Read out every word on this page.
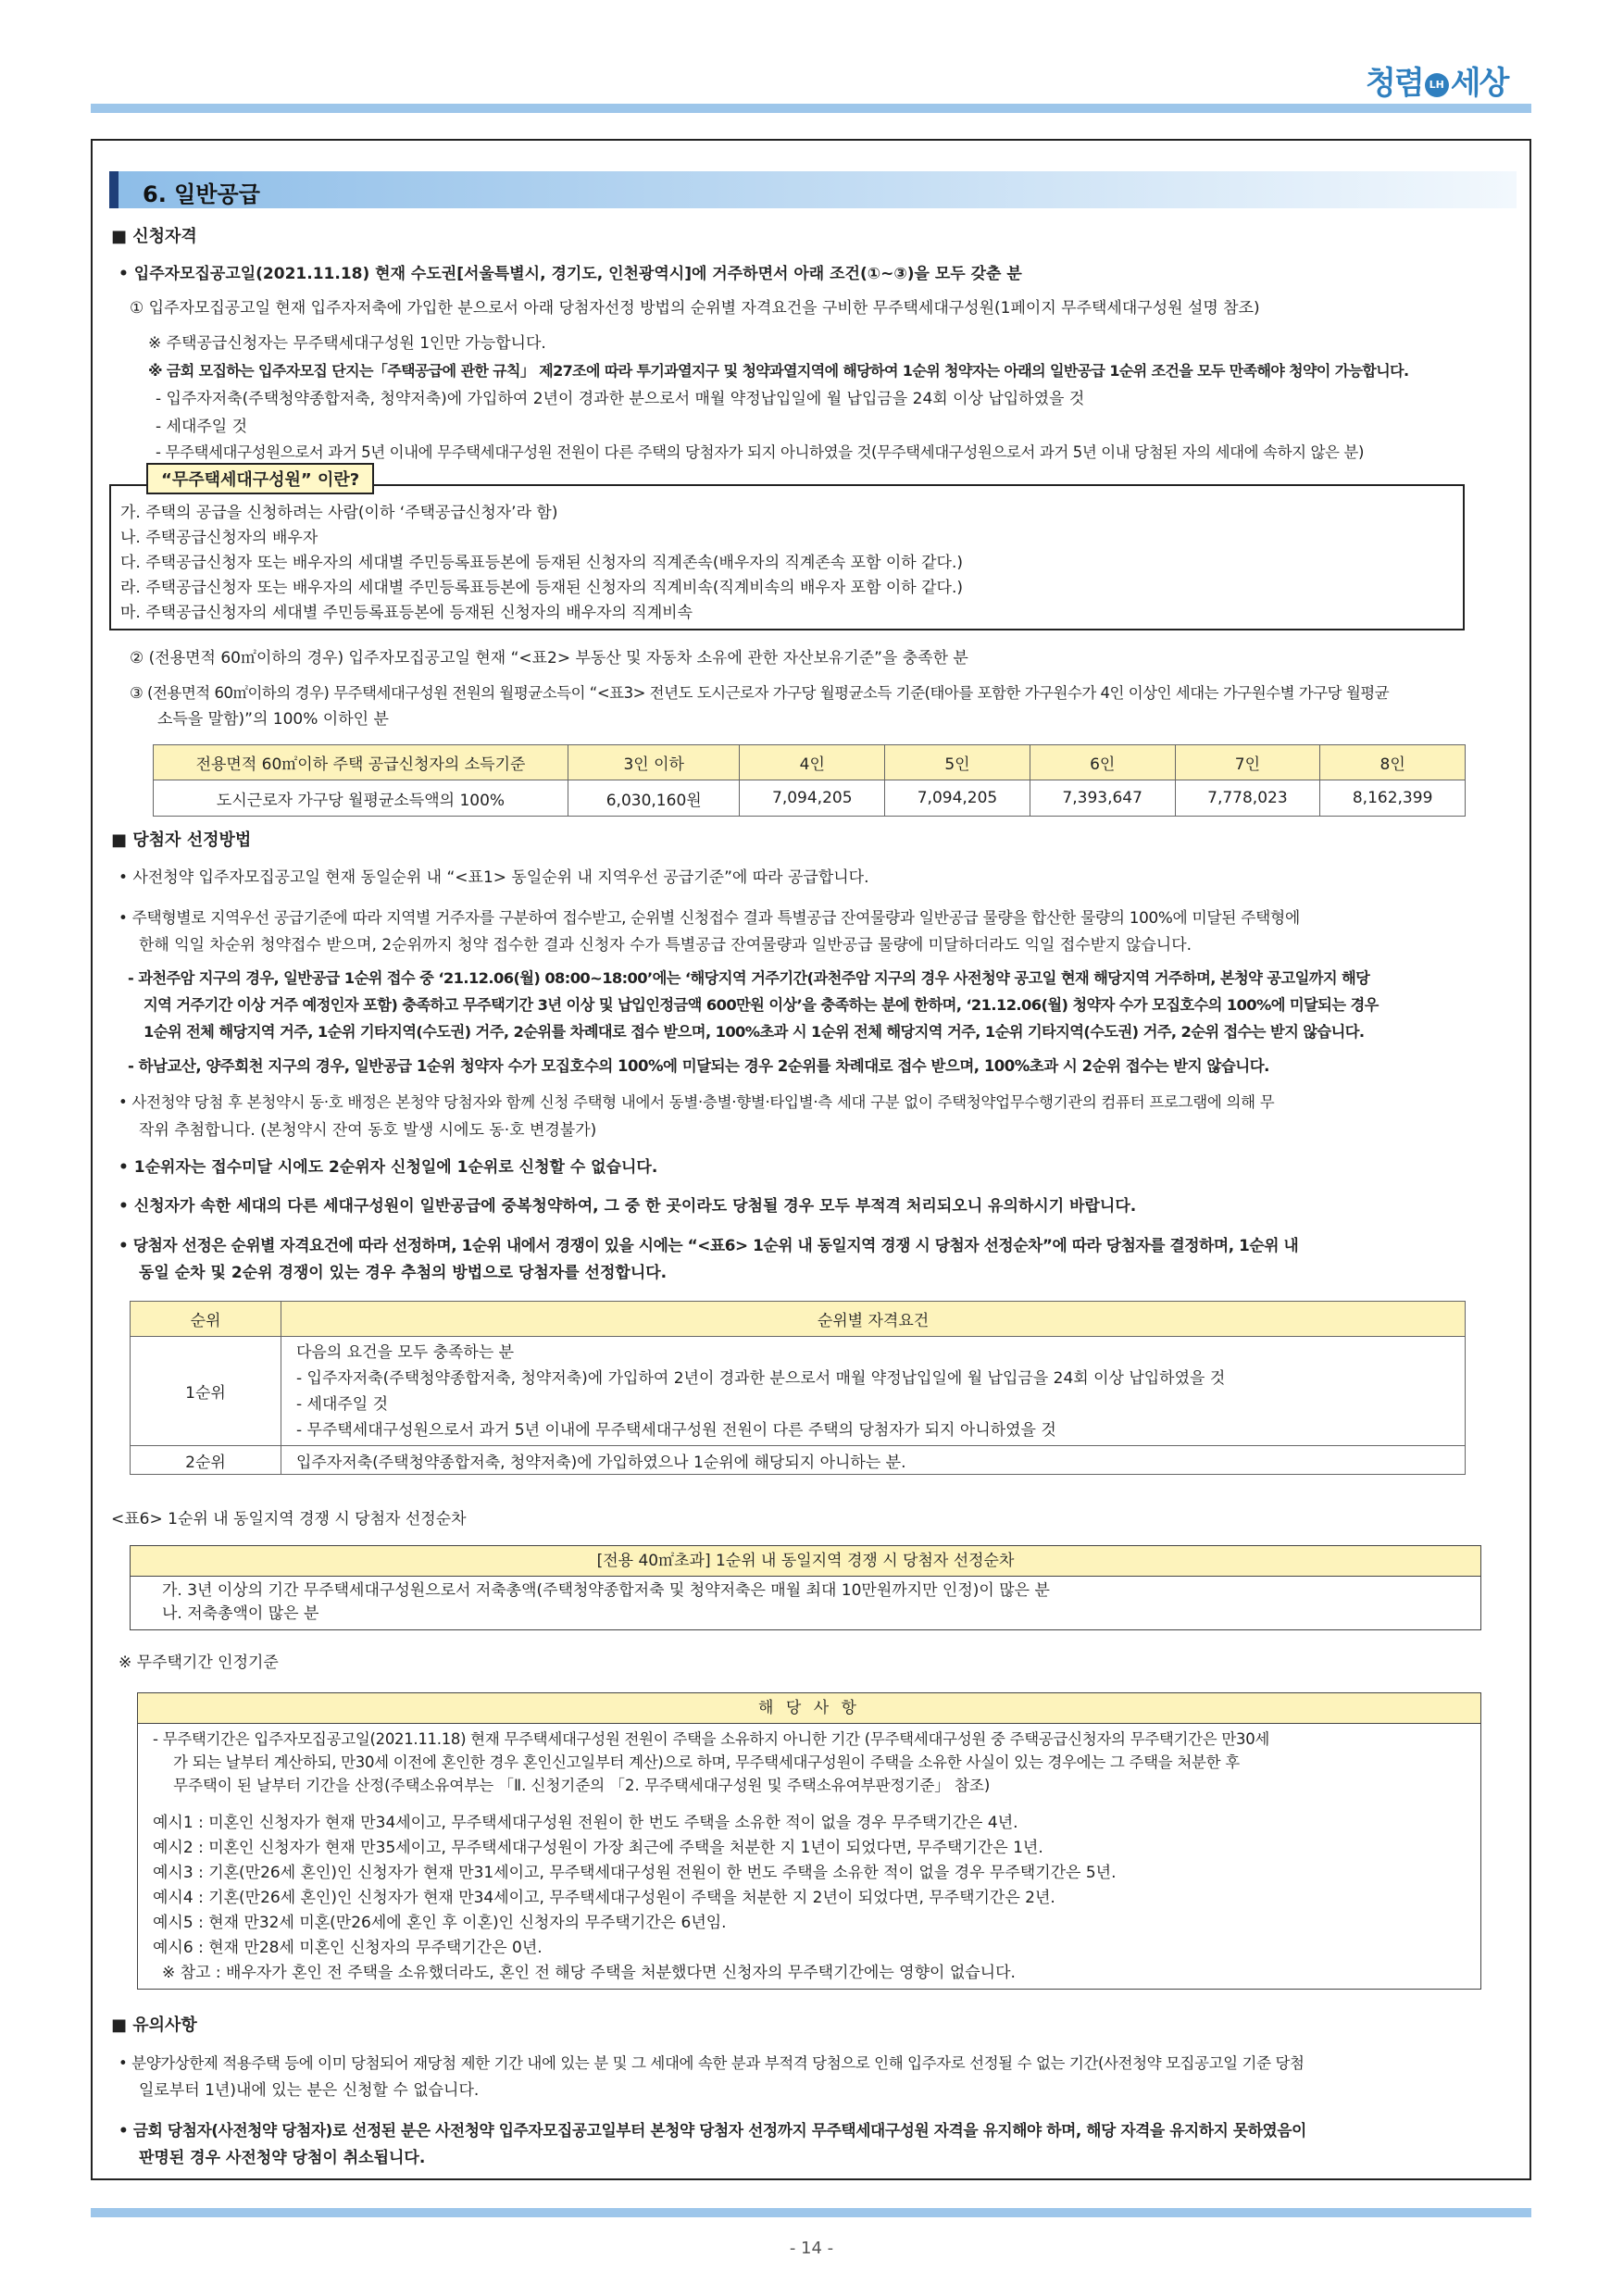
청렴 LH 세상
6. 일반공급
■ 신청자격
• 입주자모집공고일(2021.11.18) 현재 수도권[서울특별시, 경기도, 인천광역시]에 거주하면서 아래 조건(①~③)을 모두 갖춘 분
① 입주자모집공고일 현재 입주자저축에 가입한 분으로서 아래 당첨자선정 방법의 순위별 자격요건을 구비한 무주택세대구성원(1페이지 무주택세대구성원 설명 참조)
※ 주택공급신청자는 무주택세대구성원 1인만 가능합니다.
※ 금회 모집하는 입주자모집 단지는「주택공급에 관한 규칙」 제27조에 따라 투기과열지구 및 청약과열지역에 해당하여 1순위 청약자는 아래의 일반공급 1순위 조건을 모두 만족해야 청약이 가능합니다.
- 입주자저축(주택청약종합저축, 청약저축)에 가입하여 2년이 경과한 분으로서 매월 약정납입일에 월 납입금을 24회 이상 납입하였을 것
- 세대주일 것
- 무주택세대구성원으로서 과거 5년 이내에 무주택세대구성원 전원이 다른 주택의 당첨자가 되지 아니하였을 것(무주택세대구성원으로서 과거 5년 이내 당첨된 자의 세대에 속하지 않은 분)
“무주택세대구성원” 이란?
가. 주택의 공급을 신청하려는 사람(이하 ‘주택공급신청자’라 함)
나. 주택공급신청자의 배우자
다. 주택공급신청자 또는 배우자의 세대별 주민등록표등본에 등재된 신청자의 직계존속(배우자의 직계존속 포함 이하 같다.)
라. 주택공급신청자 또는 배우자의 세대별 주민등록표등본에 등재된 신청자의 직계비속(직계비속의 배우자 포함 이하 같다.)
마. 주택공급신청자의 세대별 주민등록표등본에 등재된 신청자의 배우자의 직계비속
② (전용면적 60㎡이하의 경우) 입주자모집공고일 현재 “<표2> 부동산 및 자동차 소유에 관한 자산보유기준”을 충족한 분
③ (전용면적 60㎡이하의 경우) 무주택세대구성원 전원의 월평균소득이 “<표3> 전년도 도시근로자 가구당 월평균소득 기준(태아를 포함한 가구원수가 4인 이상인 세대는 가구원수별 가구당 월평균
소득을 말함)”의 100% 이하인 분
전용면적 60㎡이하 주택 공급신청자의 소득기준	3인 이하	4인	5인	6인	7인	8인
도시근로자 가구당 월평균소득액의 100%	6,030,160원	7,094,205	7,094,205	7,393,647	7,778,023	8,162,399
■ 당첨자 선정방법
• 사전청약 입주자모집공고일 현재 동일순위 내 “<표1> 동일순위 내 지역우선 공급기준”에 따라 공급합니다.
• 주택형별로 지역우선 공급기준에 따라 지역별 거주자를 구분하여 접수받고, 순위별 신청접수 결과 특별공급 잔여물량과 일반공급 물량을 합산한 물량의 100%에 미달된 주택형에
한해 익일 차순위 청약접수 받으며, 2순위까지 청약 접수한 결과 신청자 수가 특별공급 잔여물량과 일반공급 물량에 미달하더라도 익일 접수받지 않습니다.
- 과천주암 지구의 경우, 일반공급 1순위 접수 중 ‘21.12.06(월) 08:00~18:00’에는 ‘해당지역 거주기간(과천주암 지구의 경우 사전청약 공고일 현재 해당지역 거주하며, 본청약 공고일까지 해당
지역 거주기간 이상 거주 예정인자 포함) 충족하고 무주택기간 3년 이상 및 납입인정금액 600만원 이상’을 충족하는 분에 한하며, ‘21.12.06(월) 청약자 수가 모집호수의 100%에 미달되는 경우
1순위 전체 해당지역 거주, 1순위 기타지역(수도권) 거주, 2순위를 차례대로 접수 받으며, 100%초과 시 1순위 전체 해당지역 거주, 1순위 기타지역(수도권) 거주, 2순위 접수는 받지 않습니다.
- 하남교산, 양주회천 지구의 경우, 일반공급 1순위 청약자 수가 모집호수의 100%에 미달되는 경우 2순위를 차례대로 접수 받으며, 100%초과 시 2순위 접수는 받지 않습니다.
• 사전청약 당첨 후 본청약시 동·호 배정은 본청약 당첨자와 함께 신청 주택형 내에서 동별·층별·향별·타입별·측 세대 구분 없이 주택청약업무수행기관의 컴퓨터 프로그램에 의해 무
작위 추첨합니다. (본청약시 잔여 동호 발생 시에도 동·호 변경불가)
• 1순위자는 접수미달 시에도 2순위자 신청일에 1순위로 신청할 수 없습니다.
• 신청자가 속한 세대의 다른 세대구성원이 일반공급에 중복청약하여, 그 중 한 곳이라도 당첨될 경우 모두 부적격 처리되오니 유의하시기 바랍니다.
• 당첨자 선정은 순위별 자격요건에 따라 선정하며, 1순위 내에서 경쟁이 있을 시에는 “<표6> 1순위 내 동일지역 경쟁 시 당첨자 선정순차”에 따라 당첨자를 결정하며, 1순위 내
동일 순차 및 2순위 경쟁이 있는 경우 추첨의 방법으로 당첨자를 선정합니다.
순위	순위별 자격요건
1순위	다음의 요건을 모두 충족하는 분
- 입주자저축(주택청약종합저축, 청약저축)에 가입하여 2년이 경과한 분으로서 매월 약정납입일에 월 납입금을 24회 이상 납입하였을 것
- 세대주일 것
- 무주택세대구성원으로서 과거 5년 이내에 무주택세대구성원 전원이 다른 주택의 당첨자가 되지 아니하였을 것

2순위	입주자저축(주택청약종합저축, 청약저축)에 가입하였으나 1순위에 해당되지 아니하는 분.
<표6> 1순위 내 동일지역 경쟁 시 당첨자 선정순차
[전용 40㎡초과] 1순위 내 동일지역 경쟁 시 당첨자 선정순차
가. 3년 이상의 기간 무주택세대구성원으로서 저축총액(주택청약종합저축 및 청약저축은 매월 최대 10만원까지만 인정)이 많은 분
나. 저축총액이 많은 분
※ 무주택기간 인정기준
해 당 사 항
- 무주택기간은 입주자모집공고일(2021.11.18) 현재 무주택세대구성원 전원이 주택을 소유하지 아니한 기간 (무주택세대구성원 중 주택공급신청자의 무주택기간은 만30세
가 되는 날부터 계산하되, 만30세 이전에 혼인한 경우 혼인신고일부터 계산)으로 하며, 무주택세대구성원이 주택을 소유한 사실이 있는 경우에는 그 주택을 처분한 후
무주택이 된 날부터 기간을 산정(주택소유여부는 「Ⅱ. 신청기준의 「2. 무주택세대구성원 및 주택소유여부판정기준」 참조)
예시1 : 미혼인 신청자가 현재 만34세이고, 무주택세대구성원 전원이 한 번도 주택을 소유한 적이 없을 경우 무주택기간은 4년.
예시2 : 미혼인 신청자가 현재 만35세이고, 무주택세대구성원이 가장 최근에 주택을 처분한 지 1년이 되었다면, 무주택기간은 1년.
예시3 : 기혼(만26세 혼인)인 신청자가 현재 만31세이고, 무주택세대구성원 전원이 한 번도 주택을 소유한 적이 없을 경우 무주택기간은 5년.
예시4 : 기혼(만26세 혼인)인 신청자가 현재 만34세이고, 무주택세대구성원이 주택을 처분한 지 2년이 되었다면, 무주택기간은 2년.
예시5 : 현재 만32세 미혼(만26세에 혼인 후 이혼)인 신청자의 무주택기간은 6년임.
예시6 : 현재 만28세 미혼인 신청자의 무주택기간은 0년.
※ 참고 : 배우자가 혼인 전 주택을 소유했더라도, 혼인 전 해당 주택을 처분했다면 신청자의 무주택기간에는 영향이 없습니다.
■ 유의사항
• 분양가상한제 적용주택 등에 이미 당첨되어 재당첨 제한 기간 내에 있는 분 및 그 세대에 속한 분과 부적격 당첨으로 인해 입주자로 선정될 수 없는 기간(사전청약 모집공고일 기준 당첨
일로부터 1년)내에 있는 분은 신청할 수 없습니다.
• 금회 당첨자(사전청약 당첨자)로 선정된 분은 사전청약 입주자모집공고일부터 본청약 당첨자 선정까지 무주택세대구성원 자격을 유지해야 하며, 해당 자격을 유지하지 못하였음이
판명된 경우 사전청약 당첨이 취소됩니다.
- 14 -
